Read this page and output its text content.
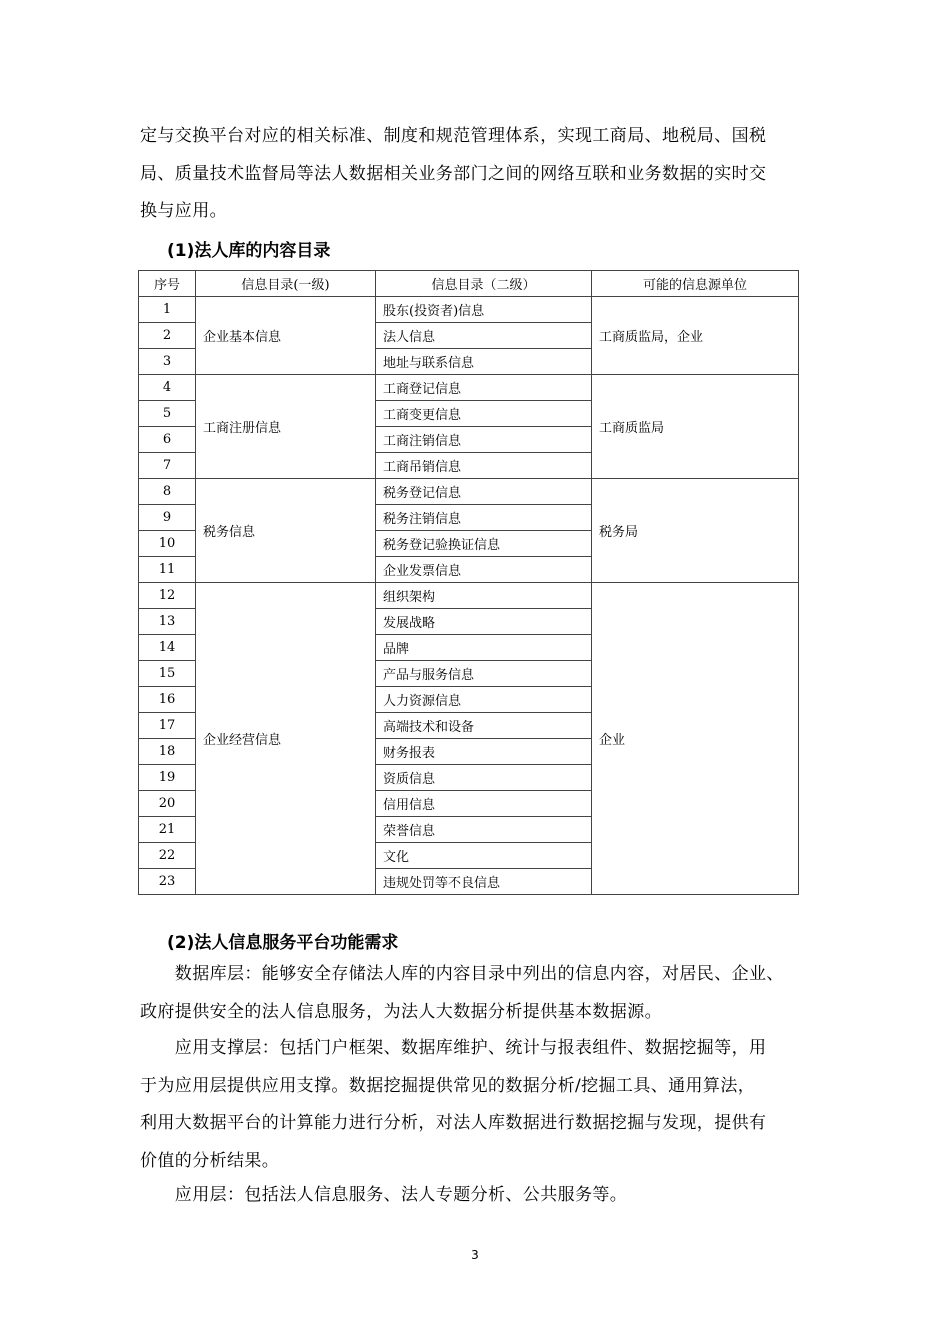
定与交换平台对应的相关标准、制度和规范管理体系，实现工商局、地税局、国税
局、质量技术监督局等法人数据相关业务部门之间的网络互联和业务数据的实时交
换与应用。

(1)法人库的内容目录
序号	信息目录(一级)	信息目录（二级）	可能的信息源单位
1	企业基本信息	股东(投资者)信息	工商质监局，企业
2		法人信息	
3		地址与联系信息	
4	工商注册信息	工商登记信息	工商质监局
5		工商变更信息	
6		工商注销信息	
7		工商吊销信息	
8	税务信息	税务登记信息	税务局
9		税务注销信息	
10		税务登记验换证信息	
11		企业发票信息	
12	企业经营信息	组织架构	企业
13		发展战略	
14		品牌	
15		产品与服务信息	
16		人力资源信息	
17		高端技术和设备	
18		财务报表	
19		资质信息	
20		信用信息	
21		荣誉信息	
22		文化	
23		违规处罚等不良信息	
(2)法人信息服务平台功能需求

　　数据库层：能够安全存储法人库的内容目录中列出的信息内容，对居民、企业、
政府提供安全的法人信息服务，为法人大数据分析提供基本数据源。

　　应用支撑层：包括门户框架、数据库维护、统计与报表组件、数据挖掘等，用
于为应用层提供应用支撑。数据挖掘提供常见的数据分析/挖掘工具、通用算法，
利用大数据平台的计算能力进行分析，对法人库数据进行数据挖掘与发现，提供有
价值的分析结果。

　　应用层：包括法人信息服务、法人专题分析、公共服务等。

3
